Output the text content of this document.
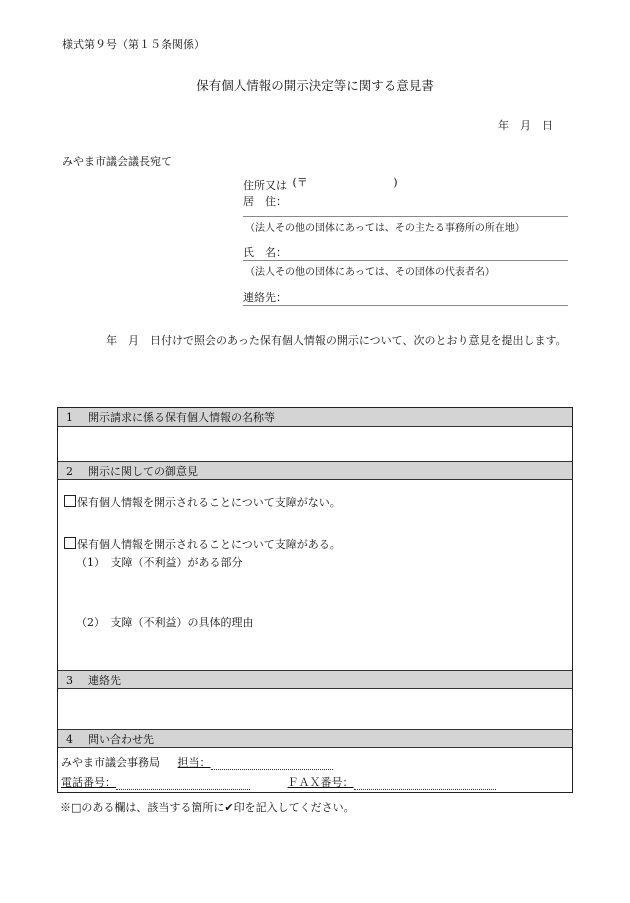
様式第９号（第１５条関係）
保有個人情報の開示決定等に関する意見書
年　月　日
みやま市議会議長宛て
住所又は (〒	)
居　住：
（法人その他の団体にあっては、その主たる事務所の所在地）
氏　名：
（法人その他の団体にあっては、その団体の代表者名）
連絡先：
年　月　日付けで照会のあった保有個人情報の開示について、次のとおり意見を提出します。
1 開示請求に係る保有個人情報の名称等
2 開示に関しての御意見
保有個人情報を開示されることについて支障がない。
保有個人情報を開示されることについて支障がある。
（1）　支障（不利益）がある部分
（2）　支障（不利益）の具体的理由
3 連絡先
4 問い合わせ先
みやま市議会事務局 担当：
電話番号：	ＦＡＸ番号：
※□のある欄は、該当する箇所に✔印を記入してください。
